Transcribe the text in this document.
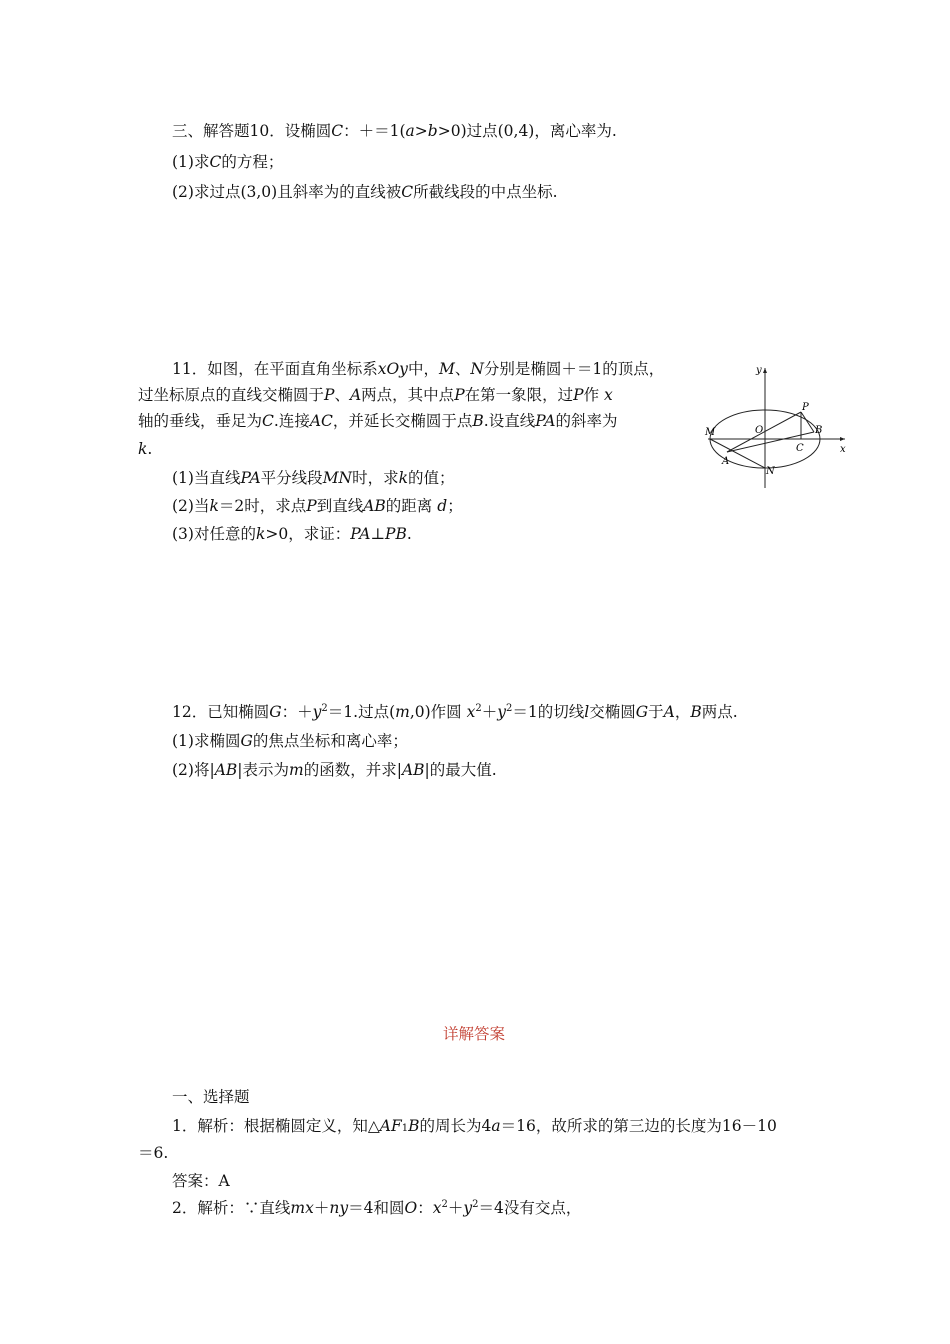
三、解答题10．设椭圆C：＋＝1(a>b>0)过点(0,4)，离心率为.
(1)求C的方程；
(2)求过点(3,0)且斜率为的直线被C所截线段的中点坐标.
11．如图，在平面直角坐标系xOy中，M、N分别是椭圆＋＝1的顶点，
过坐标原点的直线交椭圆于P、A两点，其中点P在第一象限，过P作 x
轴的垂线，垂足为C.连接AC，并延长交椭圆于点B.设直线PA的斜率为
k.
(1)当直线PA平分线段MN时，求k的值；
(2)当k＝2时，求点P到直线AB的距离 d；
(3)对任意的k>0，求证：PA⊥PB.
y
x
M	O
P
B
C
A
N
12．已知椭圆G：$+y^2=1$.过点(m,0)作圆 $x^2+y^2=1$的切线l交椭圆G于A，B两点.
(1)求椭圆G的焦点坐标和离心率；
(2)将|AB|表示为m的函数，并求|AB|的最大值.
详解答案
一、选择题
1．解析：根据椭圆定义，知△AF1B的周长为4a＝16，故所求的第三边的长度为16－10
＝6.
答案：A
2．解析：∵直线mx＋ny＝4和圆O：$x^2+y^2=4$没有交点，
